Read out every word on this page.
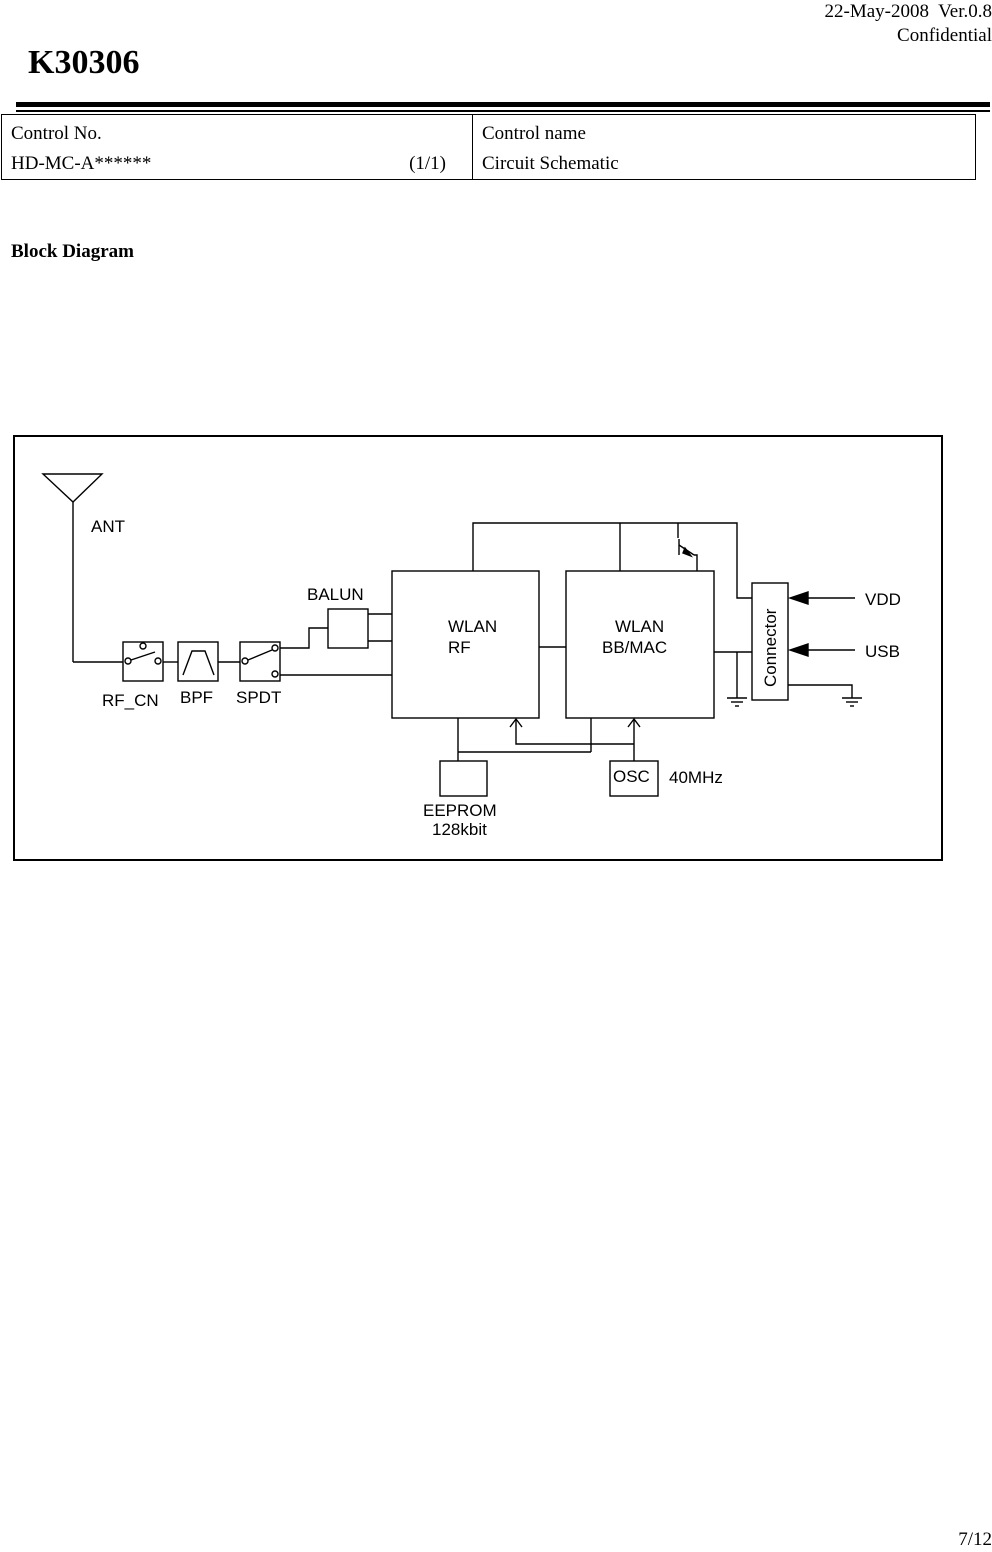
22-May-2008  Ver.0.8
Confidential
K30306
Control No.
HD-MC-A******	(1/1)

Control name
Circuit Schematic
Block Diagram
ANT
BALUN
RF_CN BPF SPDT
WLAN
RF
WLAN
BB/MAC	Connector
VDD
USB
OSC 40MHz
EEPROM
128kbit
7/12
